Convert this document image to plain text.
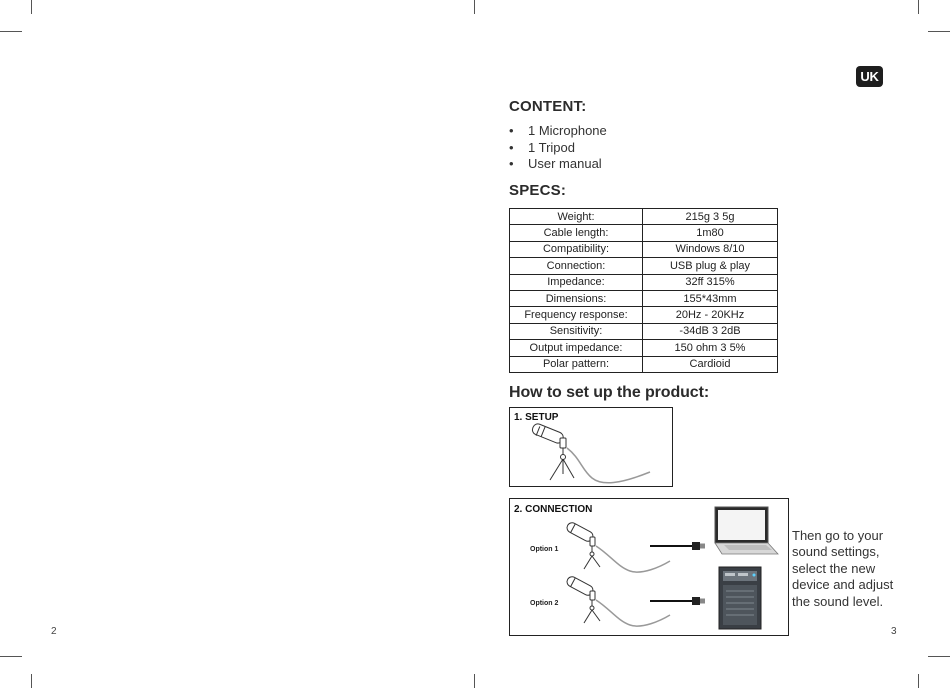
2	3
UK
CONTENT:
• 1 Microphone
• 1 Tripod
• User manual
SPECS:
Weight:	215g 3 5g
Cable length:	1m80
Compatibility:	Windows 8/10
Connection:	USB plug & play
Impedance:	32ff 315%
Dimensions:	155*43mm
Frequency response:	20Hz - 20KHz
Sensitivity:	-34dB 3 2dB
Output impedance:	150 ohm 3 5%
Polar pattern:	Cardioid
How to set up the product:
1. SETUP
2. CONNECTION
Option 1
Option 2
Then go to your
sound settings,
select the new
device and adjust
the sound level.
